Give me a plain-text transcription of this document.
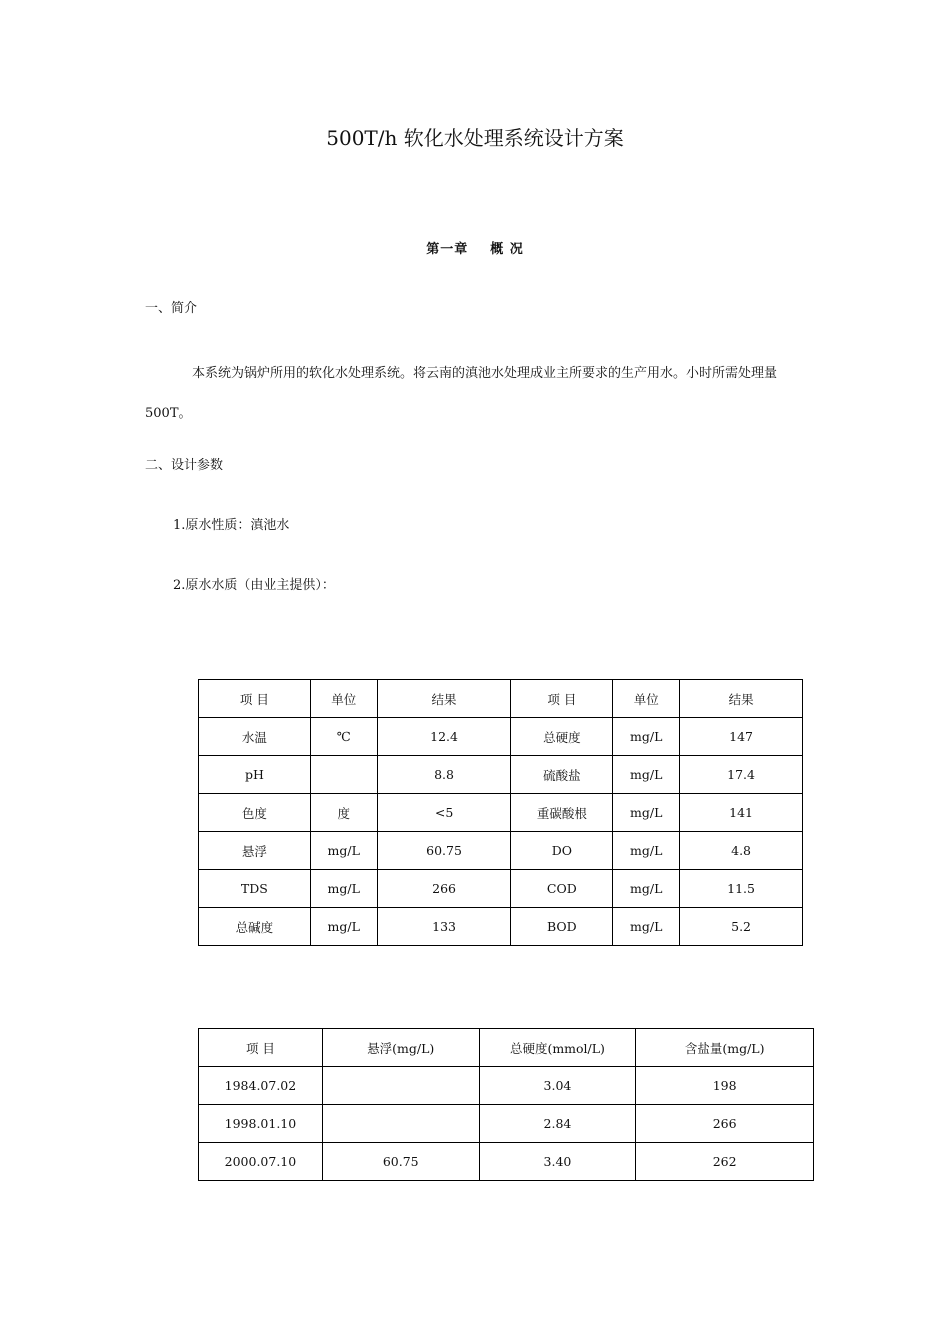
500T/h 软化水处理系统设计方案
第一章 概 况
一、简介
本系统为锅炉所用的软化水处理系统。将云南的滇池水处理成业主所要求的生产用水。小时所需处理量 500T。
二、设计参数
1.原水性质：滇池水
2.原水水质（由业主提供）：
项 目	单位	结果	项 目	单位	结果
水温	℃	12.4	总硬度	mg/L	147
pH		8.8	硫酸盐	mg/L	17.4
色度	度	<5	重碳酸根	mg/L	141
悬浮	mg/L	60.75	DO	mg/L	4.8
TDS	mg/L	266	COD	mg/L	11.5
总碱度	mg/L	133	BOD	mg/L	5.2
项 目	悬浮(mg/L)	总硬度(mmol/L)	含盐量(mg/L)
1984.07.02		3.04	198
1998.01.10		2.84	266
2000.07.10	60.75	3.40	262
